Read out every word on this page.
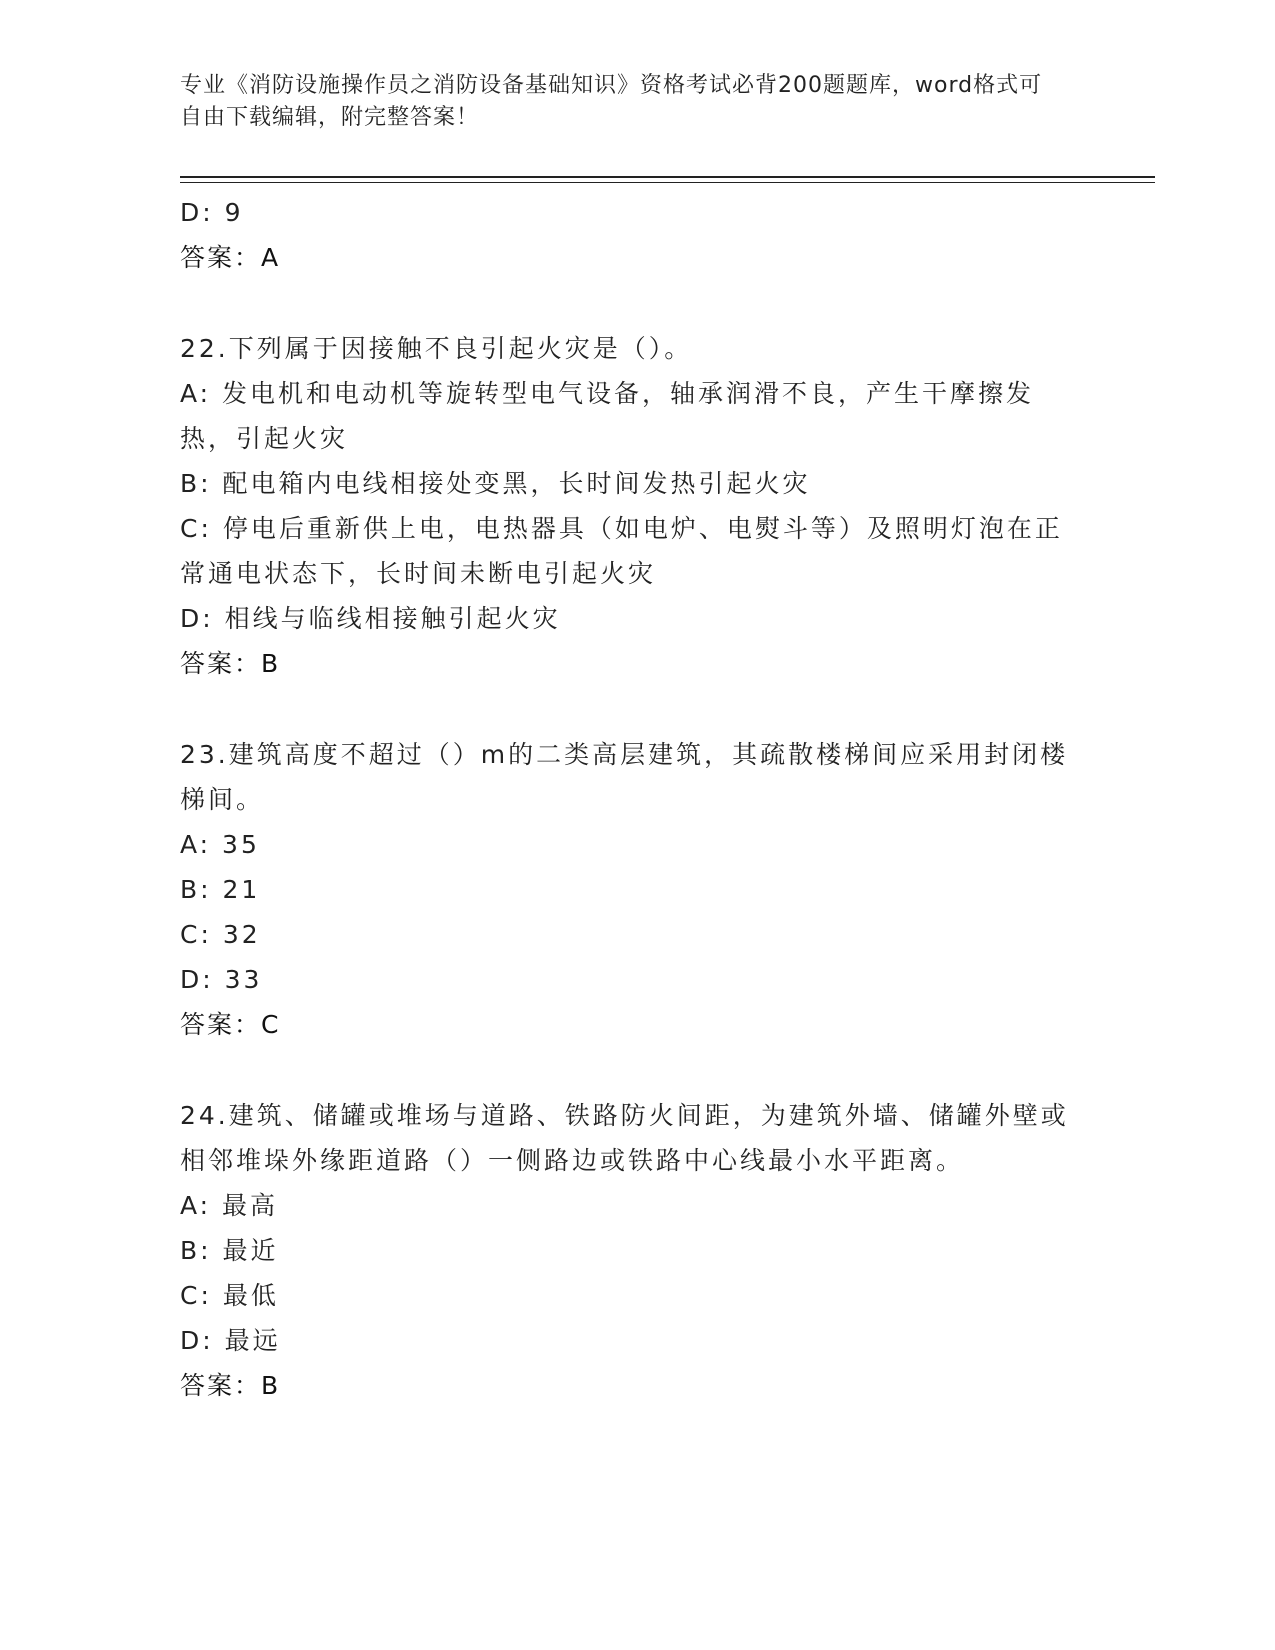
专业《消防设施操作员之消防设备基础知识》资格考试必背200题题库，word格式可自由下载编辑，附完整答案！
D: 9
答案：A
22.下列属于因接触不良引起火灾是（）。
A: 发电机和电动机等旋转型电气设备，轴承润滑不良，产生干摩擦发热，引起火灾
B: 配电箱内电线相接处变黑，长时间发热引起火灾
C: 停电后重新供上电，电热器具（如电炉、电熨斗等）及照明灯泡在正常通电状态下，长时间未断电引起火灾
D: 相线与临线相接触引起火灾
答案：B
23.建筑高度不超过（）m的二类高层建筑，其疏散楼梯间应采用封闭楼梯间。
A: 35
B: 21
C: 32
D: 33
答案：C
24.建筑、储罐或堆场与道路、铁路防火间距，为建筑外墙、储罐外壁或相邻堆垛外缘距道路（）一侧路边或铁路中心线最小水平距离。
A: 最高
B: 最近
C: 最低
D: 最远
答案：B
